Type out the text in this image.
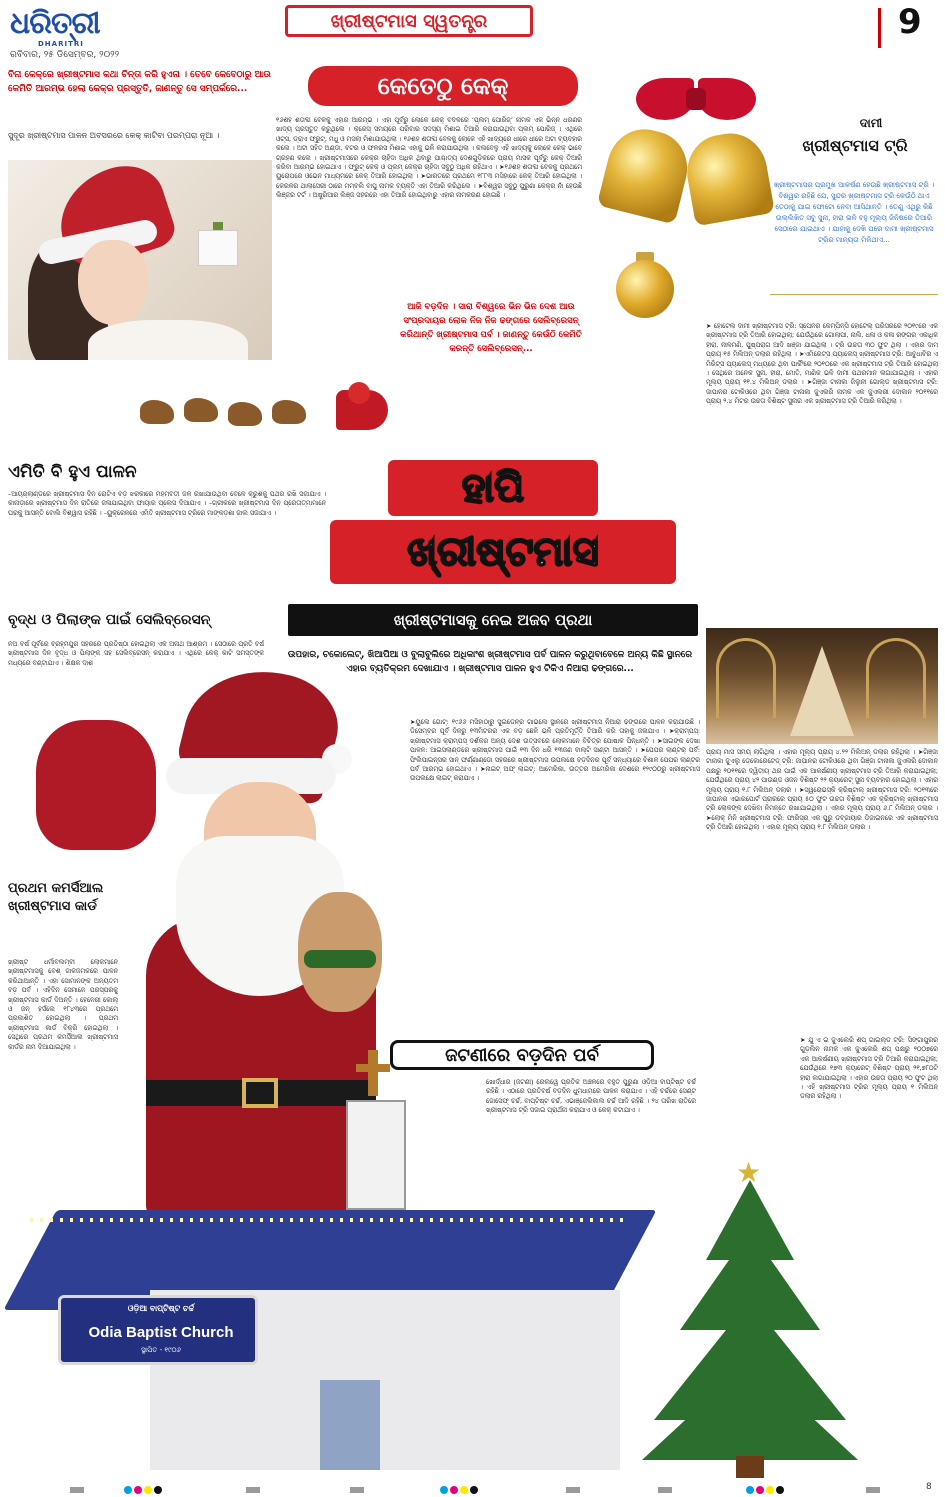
ଧରିତ୍ରୀ
DHARITRI
ରବିବାର, ୨୫ ଡିସେମ୍ବର, ୨୦୨୨
ଖ୍ରୀଷ୍ଟମାସ ସ୍ୱତନ୍ତ୍ର	9
ବିନା କେକ୍‌ରେ ଖ୍ରୀଷ୍ଟମାସ କଥା ଚିନ୍ତା କରି ହୁଏନା । ତେବେ କେବେଠାରୁ ଆଉ କେମିତି ଆରମ୍ଭ ହେଲା କେକ୍‌ର ପ୍ରସ୍ତୁତି, ଜାଣନ୍ତୁ ସେ ସମ୍ପର୍କରେ...
ସୁଦୂର ଖ୍ରୀଷ୍ଟମାସ ପାଳନ ଅବସରରେ କେକ୍ କାଟିବା ପରମ୍ପରା ନୂଆ ।
କେତେଠୁ କେକ୍
୧୬ଶହ ଶତାବ୍ଦୀ ବେଳକୁ ଏହାର ଆରମ୍ଭ । ଏହା ପୂର୍ବରୁ ଲୋକେ କେକ୍ ବଦଳରେ ‘ପ୍ଲମ୍ ପୋରିଜ୍’ ନାମକ ଏକ ଭିନ୍ନ ଧରଣର ଖାଦ୍ୟ ପ୍ରସ୍ତୁତ କରୁଥିଲେ । କ୍ରେସ୍ ସମୟରେ ପରିବାର ସଦସ୍ୟ ମିଶାଇ ତିଆରି କରାଯାଉଥିବା ପ୍ଲମ୍ ପୋରିଜ୍ । ଏଥିରେ ଓଟ୍ସ, ଡ୍ରାଏ ଫ୍ରୁଟ୍, ମଧୁ ଓ ମସଲା ମିଶାଯାଉଥିଲା । ୧୬ଶହ ଶତାବ୍ଦୀ ବେଳକୁ ଲୋକେ ଏହି ଖାଦ୍ୟରେ ଧୀରେ ଧୀରେ ଅଟା ବ୍ୟବହାର କଲେ । ଅଟା ସହିତ ଅଣ୍ଡା, ବଟର ଓ ଫଳରସ ମିଶାଇ ଏହାକୁ ଭଳି କରାଯାଉଥିଲା । କଲବେଳୁ ଏହି ଖାଦ୍ୟକୁ ଲୋକେ କେକ୍ ଭାବେ ଗ୍ରହଣ କଲେ । ଖ୍ରୀଷ୍ଟମାସରେ କେକ୍‌ର ଚାହିଦା ଅଧିକ ଥିବାରୁ ପାଶ୍ଚାତ୍ୟ ଦେଶଗୁଡ଼ିକରେ ପ୍ରାୟ ମାସକ ପୂର୍ବରୁ କେକ୍ ତିଆରି କରିବା ଆରମ୍ଭ ହୋଇଥାଏ । ଫ୍ରୁଟ୍ କେକ୍ ଓ ପ୍ଲମ୍ କେକ୍‌ର ଚାହିଦା ସବୁଠୁ ଅଧିକ ରହିଥାଏ । ➤୧୬ଶହ ଶତାବ୍ଦୀ ବେଳକୁ ପ୍ରଥମେ ୟୁରୋପରେ ଓଭେନ ମାଧ୍ୟମରେ କେକ୍ ତିଆରି ହୋଇଥିଲା । ➤ଭାରତରେ ପ୍ରଥମେ ୧୮୮୩ ମସିହାରେ କେକ୍ ତିଆରି ହୋଇଥିଲା । କେରଳର ଥାଲାସେରୀ ଠାରେ ମମ୍ବଲି ବାପୁ ନାମକ ବ୍ୟକ୍ତି ଏହା ତିଆରି କରିଥିଲେ । ➤ବିଶ୍ୱର ସବୁଠୁ ପୁରୁଣା କେକ୍‌ର ନାଁ ହେଉଛି ଲିଞ୍ଜର ଟର୍ଟ । ଅଷ୍ଟ୍ରିଆର ଲିଞ୍ଜ ସହରରେ ଏହା ତିଆରି ହୋଇଥିବାରୁ ଏହାର ନାମକରଣ ହୋଇଛି ।
ଦାମୀ
ଖ୍ରୀଷ୍ଟମାସ ଟ୍ରି
ଖ୍ରୀଷ୍ଟମାସର ପ୍ରମୁଖ ଆକର୍ଷଣ ହେଉଛି ଖ୍ରୀଷ୍ଟମାସ ଟ୍ରି । ବିଶ୍ୱର ରହିଛି ଯେ, ସୁନ୍ଦର ଖ୍ରୀଷ୍ଟମାସ ଟ୍ରି କେଉଁଠି ଥାଏ ତେଠାକୁ ଯାଇ ଫୋଟୋ ନେବା ଆସିଥାନ୍ତି । ତେଣୁ ଏଥିରୁ କିଛି ଉଲ୍ଲିଖିତ ସବୁ ସୁନା, ହୀରା ଭଳି ବହୁ ମୂଲ୍ୟ ଜିନିଷରେ ତିଆରି ସେଠାରେ ଯାଇଥାଏ । ଯାହାକୁ ଦେଖି ପରେ ଦାମୀ ଖ୍ରୀଷ୍ଟମାସ ଟ୍ରିର ମାନ୍ୟତା ମିଳିଥାଏ...
➤ ହୋଟେଲ ଦାମୀ ଖ୍ରୀଷ୍ଟମାସ ଟ୍ରି: ସ୍ପେନର କେମ୍ପିନ୍ସି ହୋଟେଲ୍ ପରିସରରେ ୨୦୧୯ରେ ଏକ ଖ୍ରୀଷ୍ଟମାସ ଟ୍ରି ତିଆରି ହୋଇଥିଲା; ଯେଉଁଥିରେ ଗୋଲାପୀ, ନାଲି, ଧଳା ଓ କଳା ରଙ୍ଗର ଏକାଧିକ ହୀରା, ନୀଳମଣି, ପୁଷ୍ପରାଗ ଆଦି ଖଞ୍ଜା ଯାଇଥିଲା । ଟ୍ରି ଉଚ୍ଚତା ୩୦ ଫୁଟ ଥିଲା । ଏହାର ଦାମ ପ୍ରାୟ ୧୫ ମିଲିଅନ୍ ଡଲାର ରହିଥିଲା । ➤ଏମିରେଟ୍ସ ପ୍ୟାଲେସ୍ ଖ୍ରୀଷ୍ଟମାସ ଟ୍ରି: ଆବୁଧାବିର ଏ ମିରିଟ୍ସ ପ୍ୟାଲେସ୍ ମଧ୍ୟରେ ଥିବା ପାର୍କିଂରେ ୨୦୧୦ରେ ଏକ ଖ୍ରୀଷ୍ଟମାସ ଟ୍ରି ତିଆରି ହୋଇଥିଲା । ସେଥିରେ ଅନେକ ସୁନା, ହୀରା, ମୋତି, ମାଣିକ ଭଳି ଦାମୀ ପଥରମାନ ଲଗାଯାଇଥିଲା । ଏହାର ମୂଲ୍ୟ ପ୍ରାୟ ୧୧.୪ ମିଲିଅନ୍ ଡଲାର । ➤ଗିଞ୍ଜା ଟାନାକା ଜିଲୁନୀ ଗୋଲ୍ଡ ଖ୍ରୀଷ୍ଟମାସ ଟ୍ରି: ଜାପାନର ଟୋକିଓରେ ଥିବା ଗିଞ୍ଜା ଟାନାକା ଜୁଏଲରି ନାମକ ଏକ ଜୁଏଲରୀ ଦୋକାନ ୨୦୧୧ରେ ପ୍ରାୟ ୨.୪ ମିଟର ଉଚ୍ଚତା ବିଶିଷ୍ଟ ସୁନାର ଏକ ଖ୍ରୀଷ୍ଟମାସ ଟ୍ରି ତିଆରି କରିଥିଲା ।
ପ୍ରାୟ ମାସ ସମୟ ଲାଗିଥିଲା । ଏହାର ମୂଲ୍ୟ ପ୍ରାୟ ୪.୨୨ ମିଲିଅନ୍ ଡଲାର ରହିଥିଲା । ➤ଗିଞ୍ଜା ଟାନାକା ଜୁଏଲୁ ଡେକୋରେଟେଡ୍ ଟ୍ରି: ଜାପାନର ଟୋକିଓରେ ଥିବା ଗିଞ୍ଜା ଟାନାକା ଜୁଏଲରି ଦୋକାନ ପକ୍ଷରୁ ୨୦୧୧ରେ ଦ୍ୱିତୀୟ ଥର ପାଇଁ ଏକ ଆକର୍ଷଣୀୟ ଖ୍ରୀଷ୍ଟମାସ ଟ୍ରି ତିଆରି କରାଯାଇଥିଲା; ଯେଉଁଥିରେ ପ୍ରାୟ ୪୨ ପାଉଣ୍ଡ ଓଜନ ବିଶିଷ୍ଟ ୨୨ କ୍ୟାରେଟ୍ ସୁନା ବ୍ୟବହାର ହୋଇଥିଲା । ଏହାର ମୂଲ୍ୟ ପ୍ରାୟ ୧.୮ ମିଲିଅନ୍ ଡଲାର । ➤ସ୍ୱରୋଭସ୍କି କ୍ରିଷ୍ଟାଲ୍ ଖ୍ରୀଷ୍ଟମାସ ଟ୍ରି: ୨୦୧୩ରେ ଜାପାନର ଏଭାରପୋର୍ଟ ପ୍ରାରରେ ପ୍ରାୟ ୫୦ ଫୁଟ ଉଚ୍ଚତା ବିଶିଷ୍ଟ ଏକ କ୍ରିଷ୍ଟାଲ୍ ଖ୍ରୀଷ୍ଟମାସ ଟ୍ରି ଲୋକଙ୍କ ଦେଖିବା ନିମନ୍ତେ ରଖାଯାଇଥିଲା । ଏହାର ମୂଲ୍ୟ ପ୍ରାୟ ୬.୮ ମିଲିଅନ୍ ଡଲାର । ➤ଲୋକ୍ ମିନି ଖ୍ରୀଷ୍ଟମାସ ଟ୍ରି: ଫାରିସ୍‌ର ଏକ ପୁରୁ ଡବ୍‌ଜାୟାର ଡିଜାଇନରେ ଏକ ଖ୍ରୀଷ୍ଟମାସ ଟ୍ରି ତିଆରି ହୋଇଥିଲା । ଏହାର ମୂଲ୍ୟ ପ୍ରାୟ ୧.୮ ମିଲିଅନ୍ ଡଲାର ।
➤ ଯୁ ଏ ଇ ଜୁଏଲେରି ଶପ୍ ଗାଇଲ୍ଡ ଟ୍ରି: ସିଙ୍ଗାପୁରର ଗୁଡ଼ଲିନ ନାମକ ଏକ ଜୁଏଲେରି ଶପ୍ ପକ୍ଷରୁ ୨୦୦୭ରେ ଏକ ଆକର୍ଷଣୀୟ ଖ୍ରୀଷ୍ଟମାସ ଟ୍ରି ତିଆରି କରାଯାଇଥିଲା; ଯେଉଁଥିରେ ୧୭୩ କ୍ୟାରେଟ୍ ବିଶିଷ୍ଟ ପ୍ରାୟ ୨୧,୭୮୦ଟି ହୀରା ଲଗାଯାଇଥିଲା । ଏହାର ଉଚ୍ଚତା ପ୍ରାୟ ୨୦ ଫୁଟ ଥିଲା । ଏହି ଖ୍ରୀଷ୍ଟମାସ ଟ୍ରିର ମୂଲ୍ୟ ପ୍ରାୟ ୧ ମିଲିଅନ୍ ଡଲାର ରହିଥିଲା ।
ଆଜି ବଡ଼ଦିନ । ସାରା ବିଶ୍ୱରେ ଭିନ ଭିନ ଦେଶ ଆଉ ସଂପ୍ରଦାୟର ଲୋକ ନିଜ ନିଜ ଢଙ୍ଗରେ ସେଲିବ୍ରେସନ୍ କରିଥାନ୍ତି ଖ୍ରୀଷ୍ଟମାସ ପର୍ବ । ଜାଣନ୍ତୁ କେଉଁଠି କେମିତି କରନ୍ତି ସେଲିବ୍ରେସନ୍...
ହାପି
ଖ୍ରୀଷ୍ଟମାସ
ଏମିତି ବି ହୁଏ ପାଳନ
–ଆୟର୍‌ଲାଣ୍ଡରେ ଖ୍ରୀଷ୍ଟମାସ ଦିନ ରୋଟିଏ ବଡ଼ ଝରକାରେ ମହମବତୀ ଜଳ ରଖାଯାଉଥିବା ବେଳେ କ୍ରୁଶକୁ ପଥର ରଖି ସଜାଯାଏ । କାନାଡ଼ାରେ ଖ୍ରୀଷ୍ଟମାସ ଦିନ ରାତିରେ ଜଳାଯାଇଥିବା ଫାୟାର ପ୍ଲେସ ଦିଆଯାଏ । –ଗ୍ରୀକରେ ଖ୍ରୀଷ୍ଟମାସ ଦିନ ପ୍ରେତାତ୍ମାମାନେ ଘରକୁ ଆସନ୍ତି ବୋଲି ବିଶ୍ୱାସ ରହିଛି । –ୟୁକ୍ରେନରେ ଏମିତି ଖ୍ରୀଷ୍ଟମାସ ଟ୍ରିରେ ମାଙ୍କଡ଼ଶା ଜାଲ ସଜାଯାଏ ।
ବୃଦ୍ଧ ଓ ପିଲାଙ୍କ ପାଇଁ ସେଲିବ୍ରେସନ୍
ନଅ ବର୍ଷ ପୂର୍ବରେ ବ୍ରହ୍ମପୁର ସହରରେ ପ୍ରତିଷ୍ଠା ହୋଇଥିଲା ଏକ ଅନାଥ ଆଶ୍ରମ । ସେଠାରେ ପ୍ରତି ବର୍ଷ ଖ୍ରୀଷ୍ଟମାସ ଦିନ ବୃଦ୍ଧ ଓ ପିଲାଙ୍କ ସହ ସେଲିବ୍ରେସନ୍ କରାଯାଏ । ଏଥିରେ କେକ୍ କାଟି ସମସ୍ତଙ୍କ ମଧ୍ୟରେ ବଣ୍ଟାଯାଏ । ଶିକ୍ଷକ ଦାଶ
ଖ୍ରୀଷ୍ଟମାସକୁ ନେଇ ଅଜବ ପ୍ରଥା
ଉପହାର, ଚକୋଲେଟ୍, ଖିଆପିଆ ଓ ବୁଲାବୁଲିରେ ଅଧିକାଂଶ ଖ୍ରୀଷ୍ଟମାସ ପର୍ବ ପାଳନ କରୁଥିବାବେଳେ ଅନ୍ୟ କିଛି ସ୍ଥାନରେ ଏହାର ବ୍ୟତିକ୍ରମ ଦେଖାଯାଏ । ଖ୍ରୀଷ୍ଟମାସ ପାଳନ ହୁଏ ଟିକିଏ ନିଆରା ଢଙ୍ଗରେ...
➤ୟୁଲେ ଗୋଟ୍: ୧୯୬୬ ମସିହାଠାରୁ ସୁଇଡେନ୍‌ର ଗାଭଲେ ସ୍ଥାନରେ ଖ୍ରୀଷ୍ଟମାସ ନିଆରା ଢଙ୍ଗରେ ପାଳନ କରାଯାଉଛି । ଡିସେମ୍ବର ପୂର୍ବ ଦିନରୁ ୧୩ମିଟରର ଏକ ବଡ଼ ଛେଳି ଭଳି ପ୍ରତିମୂର୍ତ୍ତି ତିଆରି କରି ତାହାକୁ ଜଳାଯାଏ । ➤କ୍ରାମ୍‌ପସ୍: ଖ୍ରୀଷ୍ଟମାସ କ୍ରାମ୍ପସ୍ ଦର୍ଶକର ଅନ୍ୟ ଦେଶ ଉତ୍ସବରେ ଲୋକମାନେ ବିଚିତ୍ର ପୋଷାକ ପିନ୍ଧନ୍ତି । ➤ସାଇଙ୍କ ଦେଖା ପାଳନ: ଆଇସଲାଣ୍ଡରେ ଖ୍ରୀଷ୍ଟମାସ ପାଇଁ ୧୩ ଦିନ ଧରି ୧୩ଜଣ ବାଲ୍ଟି ସାଣ୍ଟା ଆସନ୍ତି । ➤ପେପର ଲାଣ୍ଟର୍ ପର୍ବ: ଫିଲିପାଇନ୍ସର ସାନ୍ ଫର୍ଣ୍ଣାଣ୍ଡୋ ସହରରେ ଖ୍ରୀଷ୍ଟମାସ ଉପଲକ୍ଷେ ବଡ଼ଦିନର ପୂର୍ବ ସନ୍ଧ୍ୟାରେ ବିଶାଳ ପେପର ଲାଣ୍ଟର ପର୍ବ ଆରମ୍ଭ ହୋଇଥାଏ । ➤ନାଇଟ୍ ଅଫ୍ ଲାଇଟ୍: ଆମେରିକା, ଉତ୍ତର ଅମେରିକା ଦେଶରେ ୧୨୯୦୦ରୁ ଖ୍ରୀଷ୍ଟମାସ ଉପଲକ୍ଷେ ଲାଇଟ୍ କରାଯାଏ ।
ପ୍ରଥମ କମର୍ସିଆଲ ଖ୍ରୀଷ୍ଟମାସ କାର୍ଡ
ଖ୍ରୀଷ୍ଟ ଧର୍ମାବଲମ୍ବୀ ଲୋକମାନେ ଖ୍ରୀଷ୍ଟମାସକୁ ବେଶ୍ ଜାକଜମକରେ ପାଳନ କରିଥାଆନ୍ତି । ଏହା ସୋମାନଙ୍କ ଅନ୍ୟତମ ବଡ଼ ପର୍ବ । ଏହିଦିନ ସେମାନେ ପରସ୍ପରକୁ ଖ୍ରୀଷ୍ଟମାସ କାର୍ଡ ଦିଅନ୍ତି । ହେନେରୀ କୋଲ୍ ଓ ଜନ୍ ହର୍ସଲେ ୧୮୪୩ରେ ପ୍ରଥମେ ପ୍ରକାଶିତ ହୋଇଥିଲା । ପ୍ରଥମ ଖ୍ରୀଷ୍ଟମାସ କାର୍ଡ ବିକ୍ରି ହୋଇଥିଲା । ସେଥିରେ ପ୍ରଥମ କମର୍ସିଆଲ ଖ୍ରୀଷ୍ଟମାସ କାର୍ଡର ନାମ ଦିଆଯାଇଥିଲା ।	ଜଟଣୀରେ ବଡ଼ଦିନ ପର୍ବ
ଖୋର୍ଦ୍ଧାର (ଜଟଣୀ) ରେଲୱେ ପ୍ରତିକ ଅଞ୍ଚଳରେ ବହୁତ ପୁରୁଣା ଓଡ଼ିଆ ବାପ୍ଟିଷ୍ଟ ଚର୍ଚ୍ଚ ରହିଛି । ଏଠାରେ ପ୍ରତିବର୍ଷ ବଡ଼ଦିନ ଧୁମଧାମରେ ପାଳନ କରାଯାଏ । ଏହି ଚର୍ଚ୍ଚରେ ସେଣ୍ଟ ଜୋସେଫ୍ ଚର୍ଚ୍ଚ, ବାପ୍ଟିଷ୍ଟ ଚର୍ଚ୍ଚ, ଏଭାଞ୍ଜେଲିକାଲ ଚର୍ଚ୍ଚ ଆଦି ରହିଛି । ୨୪ ତାରିଖ ରାତିରେ ଖ୍ରୀଷ୍ଟମାସ ଟ୍ରି ସଜାଇ ପ୍ରାର୍ଥନା କରାଯାଏ ଓ କେକ୍ କଟାଯାଏ ।
ଓଡ଼ିଆ ବାପ୍ଟିଷ୍ଟ ଚର୍ଚ୍ଚ
Odia Baptist Church
ସ୍ଥାପିତ - ୧୯୦୬
★
8
